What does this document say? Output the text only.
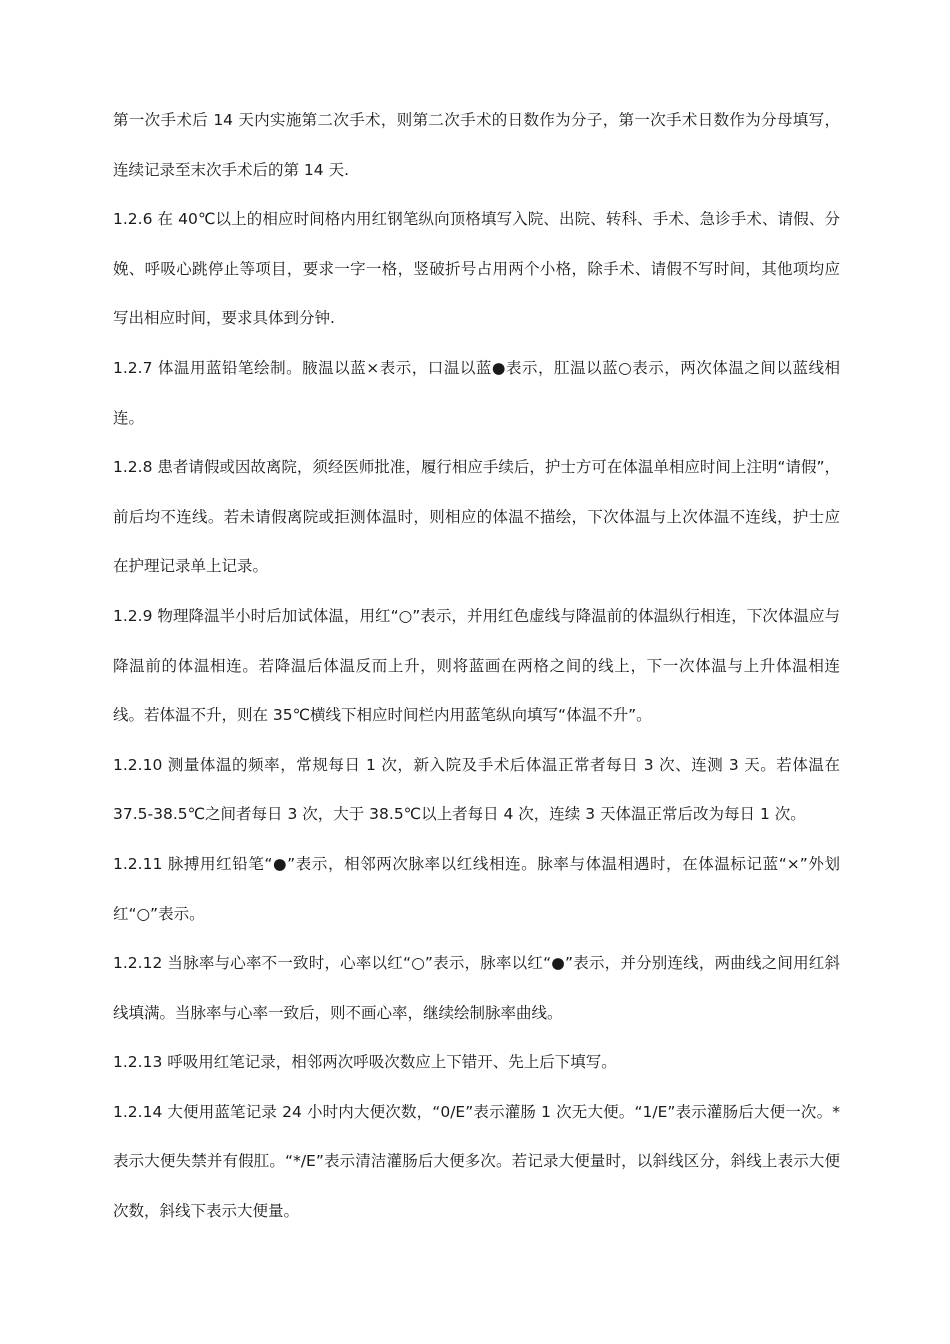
第一次手术后 14 天内实施第二次手术，则第二次手术的日数作为分子，第一次手术日数作为分母填写，连续记录至末次手术后的第 14 天.

1.2.6 在 40℃以上的相应时间格内用红钢笔纵向顶格填写入院、出院、转科、手术、急诊手术、请假、分娩、呼吸心跳停止等项目，要求一字一格，竖破折号占用两个小格，除手术、请假不写时间，其他项均应写出相应时间，要求具体到分钟.

1.2.7 体温用蓝铅笔绘制。腋温以蓝×表示，口温以蓝●表示，肛温以蓝○表示，两次体温之间以蓝线相连。

1.2.8 患者请假或因故离院，须经医师批准，履行相应手续后，护士方可在体温单相应时间上注明“请假”，前后均不连线。若未请假离院或拒测体温时，则相应的体温不描绘，下次体温与上次体温不连线，护士应在护理记录单上记录。

1.2.9 物理降温半小时后加试体温，用红“○”表示，并用红色虚线与降温前的体温纵行相连，下次体温应与降温前的体温相连。若降温后体温反而上升，则将蓝画在两格之间的线上，下一次体温与上升体温相连线。若体温不升，则在 35℃横线下相应时间栏内用蓝笔纵向填写“体温不升”。

1.2.10 测量体温的频率，常规每日 1 次，新入院及手术后体温正常者每日 3 次、连测 3 天。若体温在 37.5-38.5℃之间者每日 3 次，大于 38.5℃以上者每日 4 次，连续 3 天体温正常后改为每日 1 次。

1.2.11 脉搏用红铅笔“●”表示，相邻两次脉率以红线相连。脉率与体温相遇时，在体温标记蓝“×”外划红“○”表示。

1.2.12 当脉率与心率不一致时，心率以红“○”表示，脉率以红“●”表示，并分别连线，两曲线之间用红斜线填满。当脉率与心率一致后，则不画心率，继续绘制脉率曲线。

1.2.13 呼吸用红笔记录，相邻两次呼吸次数应上下错开、先上后下填写。

1.2.14 大便用蓝笔记录 24 小时内大便次数，“0/E”表示灌肠 1 次无大便。“1/E”表示灌肠后大便一次。*表示大便失禁并有假肛。“*/E”表示清洁灌肠后大便多次。若记录大便量时，以斜线区分，斜线上表示大便次数，斜线下表示大便量。
